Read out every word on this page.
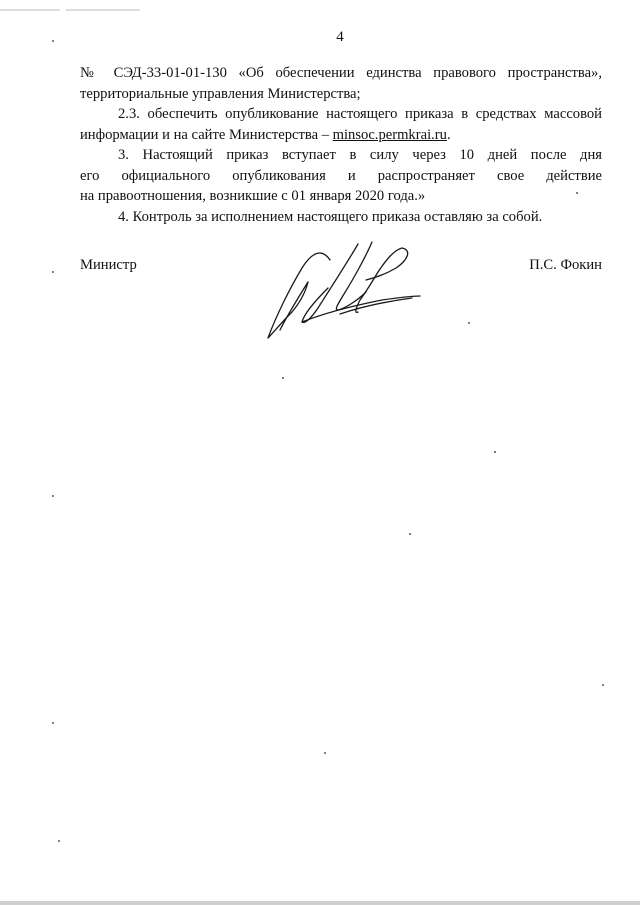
4

№ СЭД-33-01-01-130 «Об обеспечении единства правового пространства»,

территориальные управления Министерства;

2.3. обеспечить опубликование настоящего приказа в средствах массовой

информации и на сайте Министерства – minsoc.permkrai.ru.

3. Настоящий приказ вступает в силу через 10 дней после дня

его официального опубликования и распространяет свое действие

на правоотношения, возникшие с 01 января 2020 года.»

4. Контроль за исполнением настоящего приказа оставляю за собой.

Министр	П.С. Фокин
